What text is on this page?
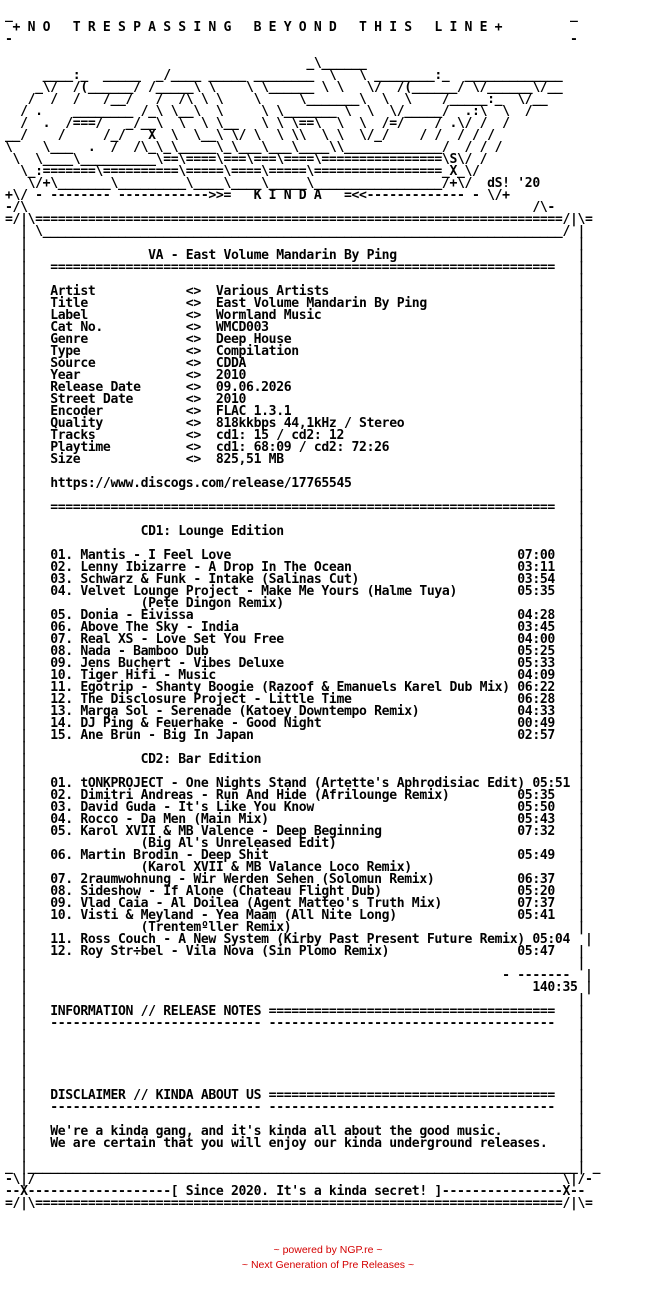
_                                                                          _
+ N O   T R E S P A S S I N G   B E Y O N D   T H I S   L I N E +
-                                                                          -

_\______
____:_  _____  _/____ _____ ________  \   \ ________:_  _____________
_\/  /(______/ /_____\ \    \ \______ \ \   \/  /(______/ \/______\/__
/  /  /   /__/   /  /\ \ \    \     \_______\  \  \    /_____:_  \/__
/ .    ________ /_\ \__\  \     \ \_______ \  \  \/_____/  .:\  \  /
/  .  /===/   _/__\  \  \ \__   \ \ \==\  \  \  /=/    / .\/ /  /
__/    /     /_/   X  \  \__\ \/ \  \ \\  \ \  \/_/    / /  / / /
\    \___  .  /  /\_\_\_____\_\___\___\____\\_____________/  / / /
\  \____\__________\==\====\===\===\====\================\S\/ /
\_:=======\==========\=====\====\=====\=================_X_\/
\/+\_______\_________\____\____\_____\_________________/+\/  dS! '20
+\/ - -------- ------------>>=   K I N D A   =<<------------- - \/+
-/\                                                                   /\-
=/|\======================================================================/|\=
| \_____________________________________________________________________/ |
|                                                                         |
|                VA - East Volume Mandarin By Ping                        |
|   ===================================================================   |
|                                                                         |
|   Artist            <>  Various Artists                                 |
|   Title             <>  East Volume Mandarin By Ping                    |
|   Label             <>  Wormland Music                                  |
|   Cat No.           <>  WMCD003                                         |
|   Genre             <>  Deep House                                      |
|   Type              <>  Compilation                                     |
|   Source            <>  CDDA                                            |
|   Year              <>  2010                                            |
|   Release Date      <>  09.06.2026                                      |
|   Street Date       <>  2010                                            |
|   Encoder           <>  FLAC 1.3.1                                      |
|   Quality           <>  818kkbps 44,1kHz / Stereo                       |
|   Tracks            <>  cd1: 15 / cd2: 12                               |
|   Playtime          <>  cd1: 68:09 / cd2: 72:26                         |
|   Size              <>  825,51 MB                                       |
|                                                                         |
|   https://www.discogs.com/release/17765545                              |
|                                                                         |
|   ===================================================================   |
|                                                                         |
|               CD1: Lounge Edition                                       |
|                                                                         |
|   01. Mantis - I Feel Love                                      07:00   |
|   02. Lenny Ibizarre - A Drop In The Ocean                      03:11   |
|   03. Schwarz & Funk - Intake (Salinas Cut)                     03:54   |
|   04. Velvet Lounge Project - Make Me Yours (Halme Tuya)        05:35   |
|               (Pete Dingon Remix)                                       |
|   05. Donia - Eivissa                                           04:28   |
|   06. Above The Sky - India                                     03:45   |
|   07. Real XS - Love Set You Free                               04:00   |
|   08. Nada - Bamboo Dub                                         05:25   |
|   09. Jens Buchert - Vibes Deluxe                               05:33   |
|   10. Tiger Hifi - Music                                        04:09   |
|   11. Egotrip - Shanty Boogie (Razoof & Emanuels Karel Dub Mix) 06:22   |
|   12. The Disclosure Project - Little Time                      06:28   |
|   13. Marga Sol - Serenade (Katoey Downtempo Remix)             04:33   |
|   14. DJ Ping & Feuerhake - Good Night                          00:49   |
|   15. Ane Brun - Big In Japan                                   02:57   |
|                                                                         |
|               CD2: Bar Edition                                          |
|                                                                         |
|   01. tONKPROJECT - One Nights Stand (Artette's Aphrodisiac Edit) 05:51 |
|   02. Dimitri Andreas - Run And Hide (Afrilounge Remix)         05:35   |
|   03. David Guda - It's Like You Know                           05:50   |
|   04. Rocco - Da Men (Main Mix)                                 05:43   |
|   05. Karol XVII & MB Valence - Deep Beginning                  07:32   |
|               (Big Al's Unreleased Edit)                                |
|   06. Martin Brodin - Deep Shit                                 05:49   |
|               (Karol XVII & MB Valance Loco Remix)                      |
|   07. 2raumwohnung - Wir Werden Sehen (Solomun Remix)           06:37   |
|   08. Sideshow - If Alone (Chateau Flight Dub)                  05:20   |
|   09. Vlad Caia - Al Doilea (Agent Matteo's Truth Mix)          07:37   |
|   10. Visti & Meyland - Yea Maam (All Nite Long)                05:41   |
|               (Trentemºller Remix)                                      |
|   11. Ross Couch - A New System (Kirby Past Present Future Remix) 05:04  |
|   12. Roy Str÷bel - Vila Nova (Sin Plomo Remix)                 05:47   |
|                                                                         |
|                                                               - -------  |
|                                                                   140:35 |
|                                                                         |
|   INFORMATION // RELEASE NOTES ======================================   |
|   ---------------------------- --------------------------------------   |
|                                                                         |
|                                                                         |
|                                                                         |
|                                                                         |
|                                                                         |
|   DISCLAIMER // KINDA ABOUT US ======================================   |
|   ---------------------------- --------------------------------------   |
|                                                                         |
|   We're a kinda gang, and it's kinda all about the good music.          |
|   We are certain that you will enjoy our kinda underground releases.    |
|                                                                         |
_ |_________________________________________________________________________| _
-\|/                                                                      \|/-
--X-------------------[ Since 2020. It's a kinda secret! ]----------------X--
=/|\======================================================================/|\=
~ powered by NGP.re ~
~ Next Generation of Pre Releases ~
